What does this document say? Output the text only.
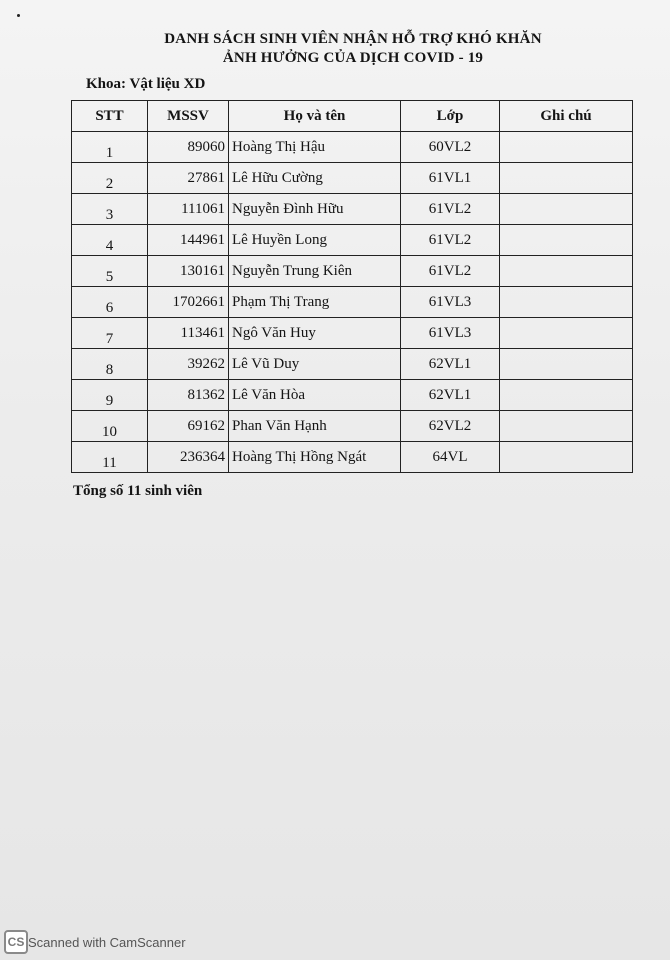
DANH SÁCH SINH VIÊN NHẬN HỖ TRỢ KHÓ KHĂN
ẢNH HƯỞNG CỦA DỊCH COVID - 19
Khoa: Vật liệu XD
STT	MSSV	Họ và tên	Lớp	Ghi chú
1	89060	Hoàng Thị Hậu	60VL2	
2	27861	Lê Hữu Cường	61VL1	
3	111061	Nguyễn Đình Hữu	61VL2	
4	144961	Lê Huyền Long	61VL2	
5	130161	Nguyễn Trung Kiên	61VL2	
6	1702661	Phạm Thị Trang	61VL3	
7	113461	Ngô Văn Huy	61VL3	
8	39262	Lê Vũ Duy	62VL1	
9	81362	Lê Văn Hòa	62VL1	
10	69162	Phan Văn Hạnh	62VL2	
11	236364	Hoàng Thị Hồng Ngát	64VL	
Tổng số 11 sinh viên
CS Scanned with CamScanner
